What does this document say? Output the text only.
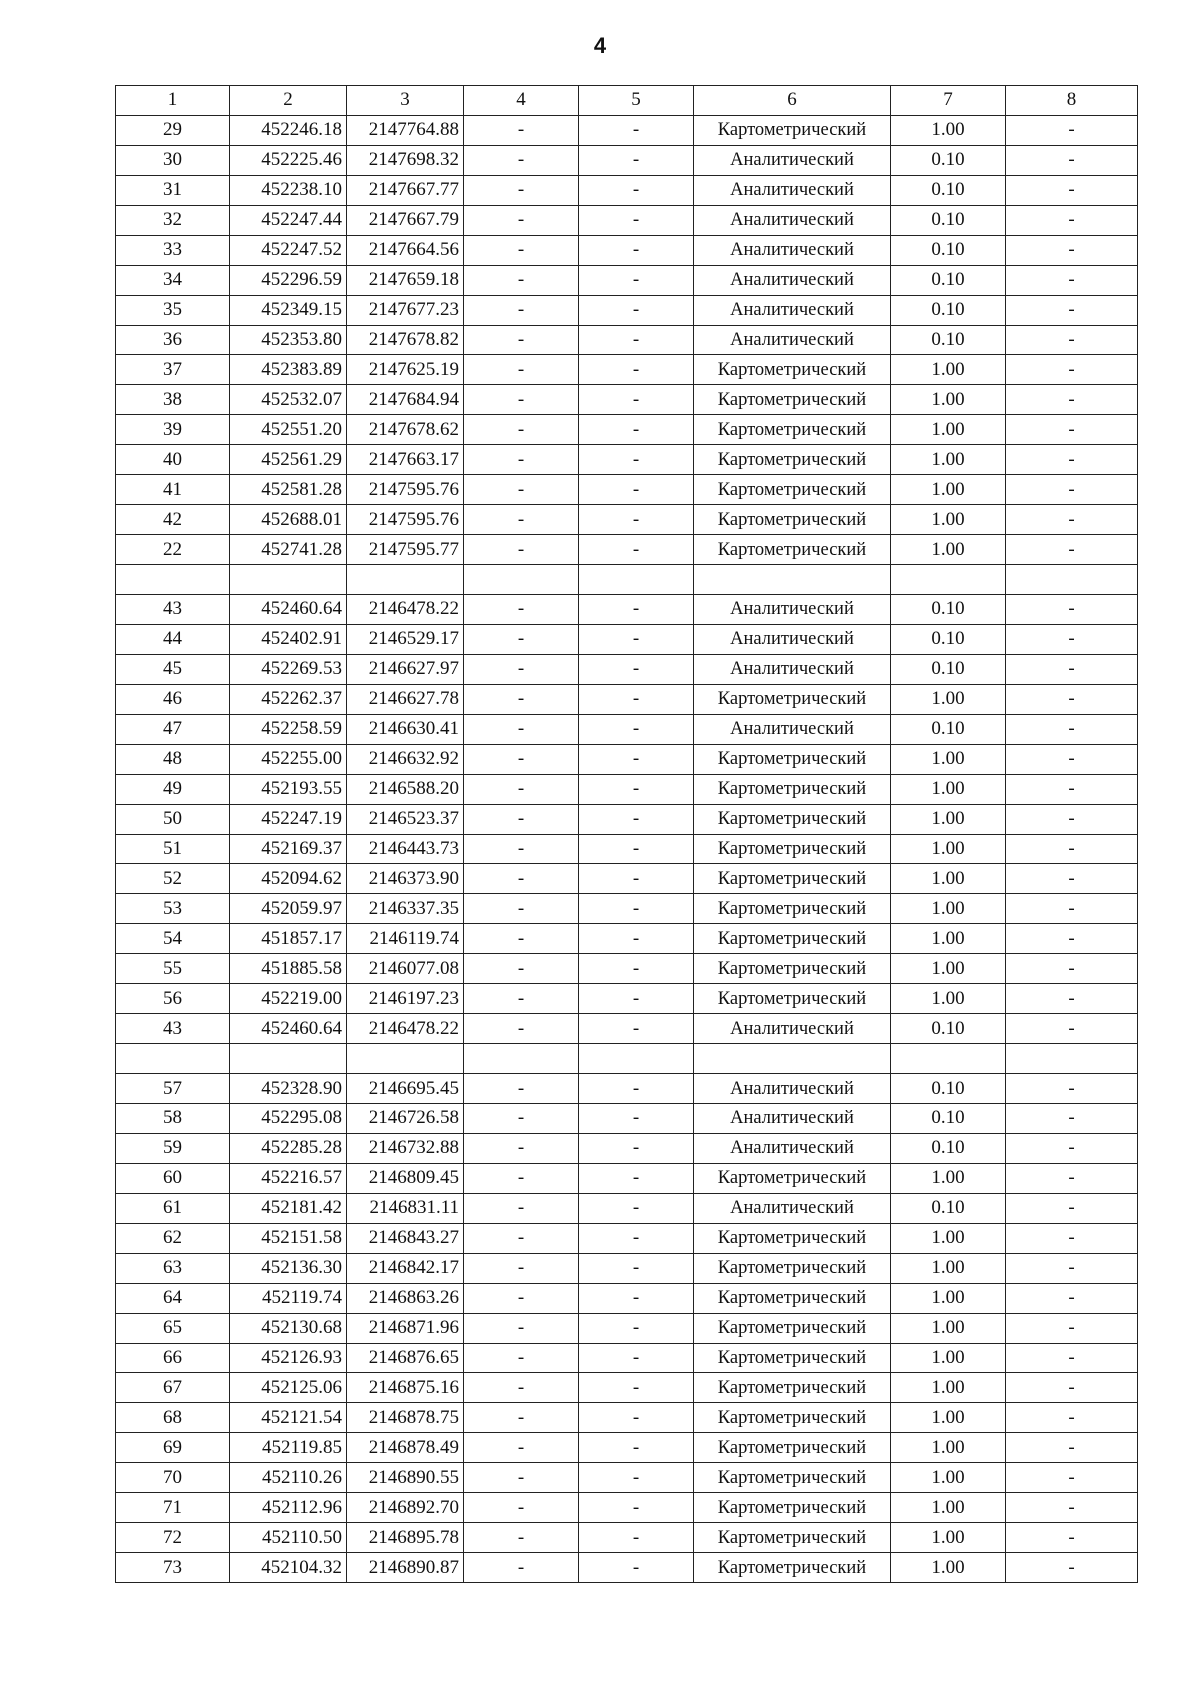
4
1	2	3	4	5	6	7	8
29	452246.18	2147764.88	-	-	Картометрический	1.00	-
30	452225.46	2147698.32	-	-	Аналитический	0.10	-
31	452238.10	2147667.77	-	-	Аналитический	0.10	-
32	452247.44	2147667.79	-	-	Аналитический	0.10	-
33	452247.52	2147664.56	-	-	Аналитический	0.10	-
34	452296.59	2147659.18	-	-	Аналитический	0.10	-
35	452349.15	2147677.23	-	-	Аналитический	0.10	-
36	452353.80	2147678.82	-	-	Аналитический	0.10	-
37	452383.89	2147625.19	-	-	Картометрический	1.00	-
38	452532.07	2147684.94	-	-	Картометрический	1.00	-
39	452551.20	2147678.62	-	-	Картометрический	1.00	-
40	452561.29	2147663.17	-	-	Картометрический	1.00	-
41	452581.28	2147595.76	-	-	Картометрический	1.00	-
42	452688.01	2147595.76	-	-	Картометрический	1.00	-
22	452741.28	2147595.77	-	-	Картометрический	1.00	-

43	452460.64	2146478.22	-	-	Аналитический	0.10	-
44	452402.91	2146529.17	-	-	Аналитический	0.10	-
45	452269.53	2146627.97	-	-	Аналитический	0.10	-
46	452262.37	2146627.78	-	-	Картометрический	1.00	-
47	452258.59	2146630.41	-	-	Аналитический	0.10	-
48	452255.00	2146632.92	-	-	Картометрический	1.00	-
49	452193.55	2146588.20	-	-	Картометрический	1.00	-
50	452247.19	2146523.37	-	-	Картометрический	1.00	-
51	452169.37	2146443.73	-	-	Картометрический	1.00	-
52	452094.62	2146373.90	-	-	Картометрический	1.00	-
53	452059.97	2146337.35	-	-	Картометрический	1.00	-
54	451857.17	2146119.74	-	-	Картометрический	1.00	-
55	451885.58	2146077.08	-	-	Картометрический	1.00	-
56	452219.00	2146197.23	-	-	Картометрический	1.00	-
43	452460.64	2146478.22	-	-	Аналитический	0.10	-

57	452328.90	2146695.45	-	-	Аналитический	0.10	-
58	452295.08	2146726.58	-	-	Аналитический	0.10	-
59	452285.28	2146732.88	-	-	Аналитический	0.10	-
60	452216.57	2146809.45	-	-	Картометрический	1.00	-
61	452181.42	2146831.11	-	-	Аналитический	0.10	-
62	452151.58	2146843.27	-	-	Картометрический	1.00	-
63	452136.30	2146842.17	-	-	Картометрический	1.00	-
64	452119.74	2146863.26	-	-	Картометрический	1.00	-
65	452130.68	2146871.96	-	-	Картометрический	1.00	-
66	452126.93	2146876.65	-	-	Картометрический	1.00	-
67	452125.06	2146875.16	-	-	Картометрический	1.00	-
68	452121.54	2146878.75	-	-	Картометрический	1.00	-
69	452119.85	2146878.49	-	-	Картометрический	1.00	-
70	452110.26	2146890.55	-	-	Картометрический	1.00	-
71	452112.96	2146892.70	-	-	Картометрический	1.00	-
72	452110.50	2146895.78	-	-	Картометрический	1.00	-
73	452104.32	2146890.87	-	-	Картометрический	1.00	-
